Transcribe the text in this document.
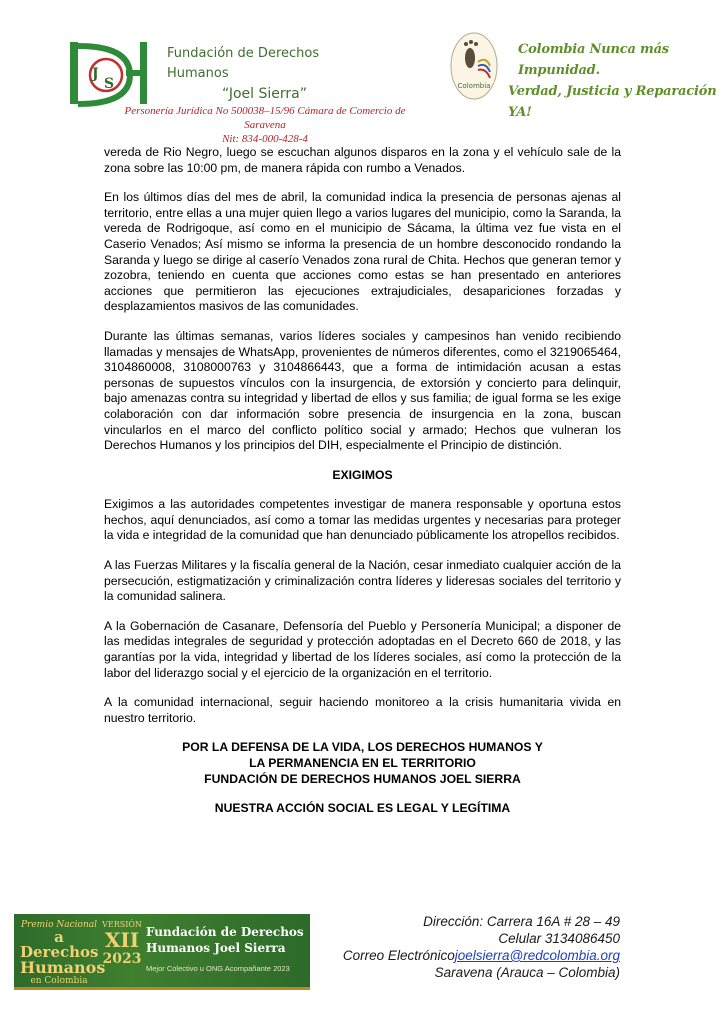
J
S
Fundación de Derechos Humanos
“Joel Sierra”
Personería Jurídica No 500038–15/96 Cámara de Comercio de Saravena
Nit: 834-000-428-4
Colombia
Colombia Nunca más Impunidad.
Verdad, Justicia y Reparación YA!

vereda de Rio Negro, luego se escuchan algunos disparos en la zona y el vehículo sale de la zona sobre las 10:00 pm, de manera rápida con rumbo a Venados.

En los últimos días del mes de abril, la comunidad indica la presencia de personas ajenas al territorio, entre ellas a una mujer quien llego a varios lugares del municipio, como la Saranda, la vereda de Rodrigoque, así como en el municipio de Sácama, la última vez fue vista en el Caserio Venados; Así mismo se informa la presencia de un hombre desconocido rondando la Saranda y luego se dirige al caserío Venados zona rural de Chita. Hechos que generan temor y zozobra, teniendo en cuenta que acciones como estas se han presentado en anteriores acciones que permitieron las ejecuciones extrajudiciales, desapariciones forzadas y desplazamientos masivos de las comunidades.

Durante las últimas semanas, varios líderes sociales y campesinos han venido recibiendo llamadas y mensajes de WhatsApp, provenientes de números diferentes, como el 3219065464, 3104860008, 3108000763 y 3104866443, que a forma de intimidación acusan a estas personas de supuestos vínculos con la insurgencia, de extorsión y concierto para delinquir, bajo amenazas contra su integridad y libertad de ellos y sus familia; de igual forma se les exige colaboración con dar información sobre presencia de insurgencia en la zona, buscan vincularlos en el marco del conflicto político social y armado; Hechos que vulneran los Derechos Humanos y los principios del DIH, especialmente el Principio de distinción.

EXIGIMOS

Exigimos a las autoridades competentes investigar de manera responsable y oportuna estos hechos, aquí denunciados, así como a tomar las medidas urgentes y necesarias para proteger la vida e integridad de la comunidad que han denunciado públicamente los atropellos recibidos.

A las Fuerzas Militares y la fiscalía general de la Nación, cesar inmediato cualquier acción de la persecución, estigmatización y criminalización contra líderes y lideresas sociales del territorio y la comunidad salinera.

A la Gobernación de Casanare, Defensoría del Pueblo y Personería Municipal; a disponer de las medidas integrales de seguridad y protección adoptadas en el Decreto 660 de 2018, y las garantías por la vida, integridad y libertad de los líderes sociales, así como la protección de la labor del liderazgo social y el ejercicio de la organización en el territorio.

A la comunidad internacional, seguir haciendo monitoreo a la crisis humanitaria vivida en nuestro territorio.

POR LA DEFENSA DE LA VIDA, LOS DERECHOS HUMANOS Y
LA PERMANENCIA EN EL TERRITORIO
FUNDACIÓN DE DERECHOS HUMANOS JOEL SIERRA
NUESTRA ACCIÓN SOCIAL ES LEGAL Y LEGÍTIMA
Premio Nacional
a Derechos
Humanos
en Colombia
VERSIÓN
XII
2023
Fundación de Derechos
Humanos Joel Sierra
Mejor Colectivo u ONG Acompañante 2023
Dirección: Carrera 16A # 28 – 49
Celular 3134086450
Correo Electrónicojoelsierra@redcolombia.org
Saravena (Arauca – Colombia)
